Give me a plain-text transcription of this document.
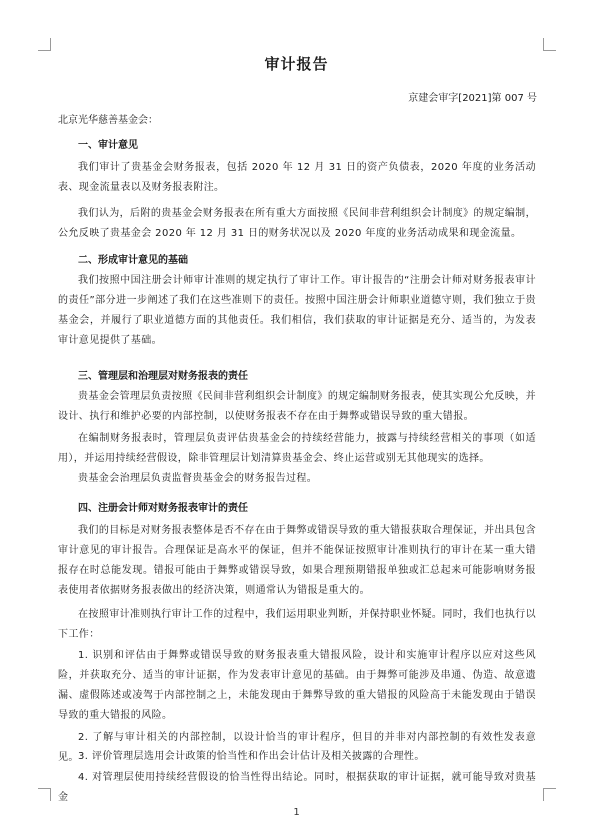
审计报告
京建会审字[2021]第 007 号
北京光华慈善基金会：
一、审计意见
我们审计了贵基金会财务报表，包括 2020 年 12 月 31 日的资产负债表，2020 年度的业务活动表、现金流量表以及财务报表附注。
我们认为，后附的贵基金会财务报表在所有重大方面按照《民间非营利组织会计制度》的规定编制，公允反映了贵基金会 2020 年 12 月 31 日的财务状况以及 2020 年度的业务活动成果和现金流量。
二、形成审计意见的基础
我们按照中国注册会计师审计准则的规定执行了审计工作。审计报告的“注册会计师对财务报表审计的责任”部分进一步阐述了我们在这些准则下的责任。按照中国注册会计师职业道德守则，我们独立于贵基金会，并履行了职业道德方面的其他责任。我们相信，我们获取的审计证据是充分、适当的，为发表审计意见提供了基础。
三、管理层和治理层对财务报表的责任
贵基金会管理层负责按照《民间非营利组织会计制度》的规定编制财务报表，使其实现公允反映，并设计、执行和维护必要的内部控制，以使财务报表不存在由于舞弊或错误导致的重大错报。
在编制财务报表时，管理层负责评估贵基金会的持续经营能力，披露与持续经营相关的事项（如适用），并运用持续经营假设，除非管理层计划清算贵基金会、终止运营或别无其他现实的选择。
贵基金会治理层负责监督贵基金会的财务报告过程。
四、注册会计师对财务报表审计的责任
我们的目标是对财务报表整体是否不存在由于舞弊或错误导致的重大错报获取合理保证，并出具包含审计意见的审计报告。合理保证是高水平的保证，但并不能保证按照审计准则执行的审计在某一重大错报存在时总能发现。错报可能由于舞弊或错误导致，如果合理预期错报单独或汇总起来可能影响财务报表使用者依据财务报表做出的经济决策，则通常认为错报是重大的。
在按照审计准则执行审计工作的过程中，我们运用职业判断，并保持职业怀疑。同时，我们也执行以下工作：
1. 识别和评估由于舞弊或错误导致的财务报表重大错报风险，设计和实施审计程序以应对这些风险，并获取充分、适当的审计证据，作为发表审计意见的基础。由于舞弊可能涉及串通、伪造、故意遗漏、虚假陈述或凌驾于内部控制之上，未能发现由于舞弊导致的重大错报的风险高于未能发现由于错误导致的重大错报的风险。
2. 了解与审计相关的内部控制，以设计恰当的审计程序，但目的并非对内部控制的有效性发表意见。 3. 评价管理层选用会计政策的恰当性和作出会计估计及相关披露的合理性。
4. 对管理层使用持续经营假设的恰当性得出结论。同时，根据获取的审计证据，就可能导致对贵基金
1
